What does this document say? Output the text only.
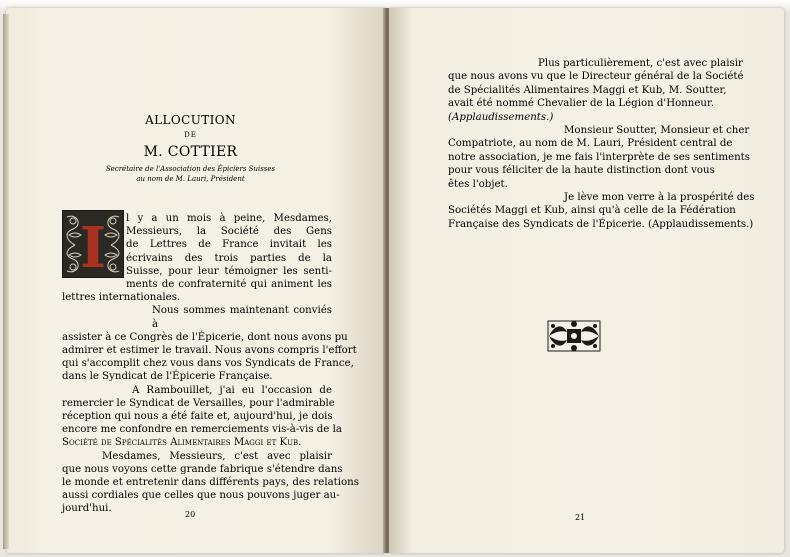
ALLOCUTION
DE
M. COTTIER
Secrétaire de l'Association des Épiciers Suisses
au nom de M. Lauri, Président
I	l y a un mois à peine, Mesdames,
Messieurs, la Société des Gens
de Lettres de France invitait les
écrivains des trois parties de la
Suisse, pour leur témoigner les senti-
ments de confraternité qui animent les
lettres internationales.
Nous sommes maintenant conviés à
assister à ce Congrès de l'Épicerie, dont nous avons pu
admirer et estimer le travail. Nous avons compris l'effort
qui s'accomplit chez vous dans vos Syndicats de France,
dans le Syndicat de l'Épicerie Française.
A Rambouillet, j'ai eu l'occasion de
remercier le Syndicat de Versailles, pour l'admirable
réception qui nous a été faite et, aujourd'hui, je dois
encore me confondre en remerciements vis-à-vis de la
Société de Spécialités Alimentaires Maggi et Kub.
Mesdames, Messieurs, c'est avec plaisir
que nous voyons cette grande fabrique s'étendre dans
le monde et entretenir dans différents pays, des relations
aussi cordiales que celles que nous pouvons juger au-
jourd'hui.
20
Plus particulièrement, c'est avec plaisir
que nous avons vu que le Directeur général de la Société
de Spécialités Alimentaires Maggi et Kub, M. Soutter,
avait été nommé Chevalier de la Légion d'Honneur.
(Applaudissements.)
Monsieur Soutter, Monsieur et cher
Compatriote, au nom de M. Lauri, Président central de
notre association, je me fais l'interprète de ses sentiments
pour vous féliciter de la haute distinction dont vous
êtes l'objet.
Je lève mon verre à la prospérité des
Sociétés Maggi et Kub, ainsi qu'à celle de la Fédération
Française des Syndicats de l'Épicerie. (Applaudissements.)
21
